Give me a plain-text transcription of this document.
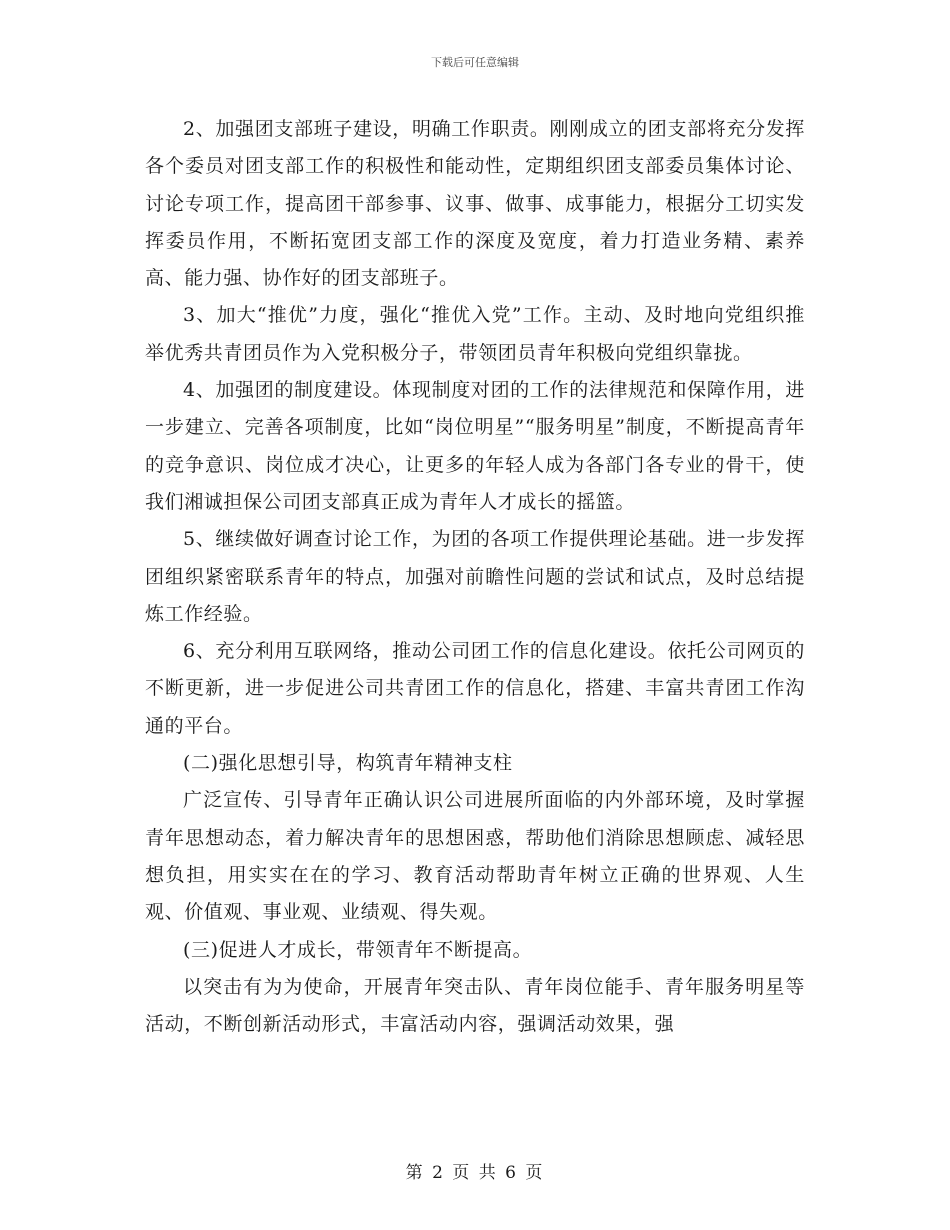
下载后可任意编辑

2、加强团支部班子建设，明确工作职责。刚刚成立的团支部将充分发挥各个委员对团支部工作的积极性和能动性，定期组织团支部委员集体讨论、讨论专项工作，提高团干部参事、议事、做事、成事能力，根据分工切实发挥委员作用，不断拓宽团支部工作的深度及宽度，着力打造业务精、素养高、能力强、协作好的团支部班子。

3、加大“推优”力度，强化“推优入党”工作。主动、及时地向党组织推举优秀共青团员作为入党积极分子，带领团员青年积极向党组织靠拢。

4、加强团的制度建设。体现制度对团的工作的法律规范和保障作用，进一步建立、完善各项制度，比如“岗位明星”“服务明星”制度，不断提高青年的竞争意识、岗位成才决心，让更多的年轻人成为各部门各专业的骨干，使我们湘诚担保公司团支部真正成为青年人才成长的摇篮。

5、继续做好调查讨论工作，为团的各项工作提供理论基础。进一步发挥团组织紧密联系青年的特点，加强对前瞻性问题的尝试和试点，及时总结提炼工作经验。

6、充分利用互联网络，推动公司团工作的信息化建设。依托公司网页的不断更新，进一步促进公司共青团工作的信息化，搭建、丰富共青团工作沟通的平台。

(二)强化思想引导，构筑青年精神支柱

广泛宣传、引导青年正确认识公司进展所面临的内外部环境，及时掌握青年思想动态，着力解决青年的思想困惑，帮助他们消除思想顾虑、减轻思想负担，用实实在在的学习、教育活动帮助青年树立正确的世界观、人生观、价值观、事业观、业绩观、得失观。

(三)促进人才成长，带领青年不断提高。

以突击有为为使命，开展青年突击队、青年岗位能手、青年服务明星等活动，不断创新活动形式，丰富活动内容，强调活动效果，强

第 2 页 共 6 页
